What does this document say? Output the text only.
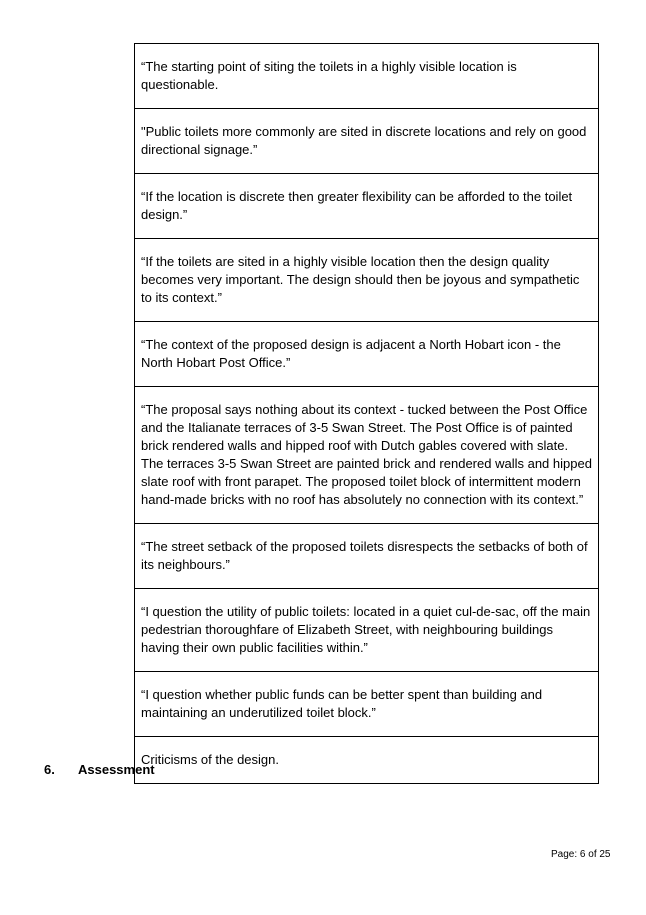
“The starting point of siting the toilets in a highly visible location is questionable.
"Public toilets more commonly are sited in discrete locations and rely on good directional signage.”
“If the location is discrete then greater flexibility can be afforded to the toilet design.”
“If the toilets are sited in a highly visible location then the design quality becomes very important. The design should then be joyous and sympathetic to its context.”
“The context of the proposed design is adjacent a North Hobart icon - the North Hobart Post Office.”
“The proposal says nothing about its context - tucked between the Post Office and the Italianate terraces of 3-5 Swan Street. The Post Office is of painted brick rendered walls and hipped roof with Dutch gables covered with slate. The terraces 3-5 Swan Street are painted brick and rendered walls and hipped slate roof with front parapet. The proposed toilet block of intermittent modern hand-made bricks with no roof has absolutely no connection with its context.”
“The street setback of the proposed toilets disrespects the setbacks of both of its neighbours.”
“I question the utility of public toilets: located in a quiet cul-de-sac, off the main pedestrian thoroughfare of Elizabeth Street, with neighbouring buildings having their own public facilities within.”
“I question whether public funds can be better spent than building and maintaining an underutilized toilet block.”
Criticisms of the design.
6. Assessment
Page: 6 of 25
